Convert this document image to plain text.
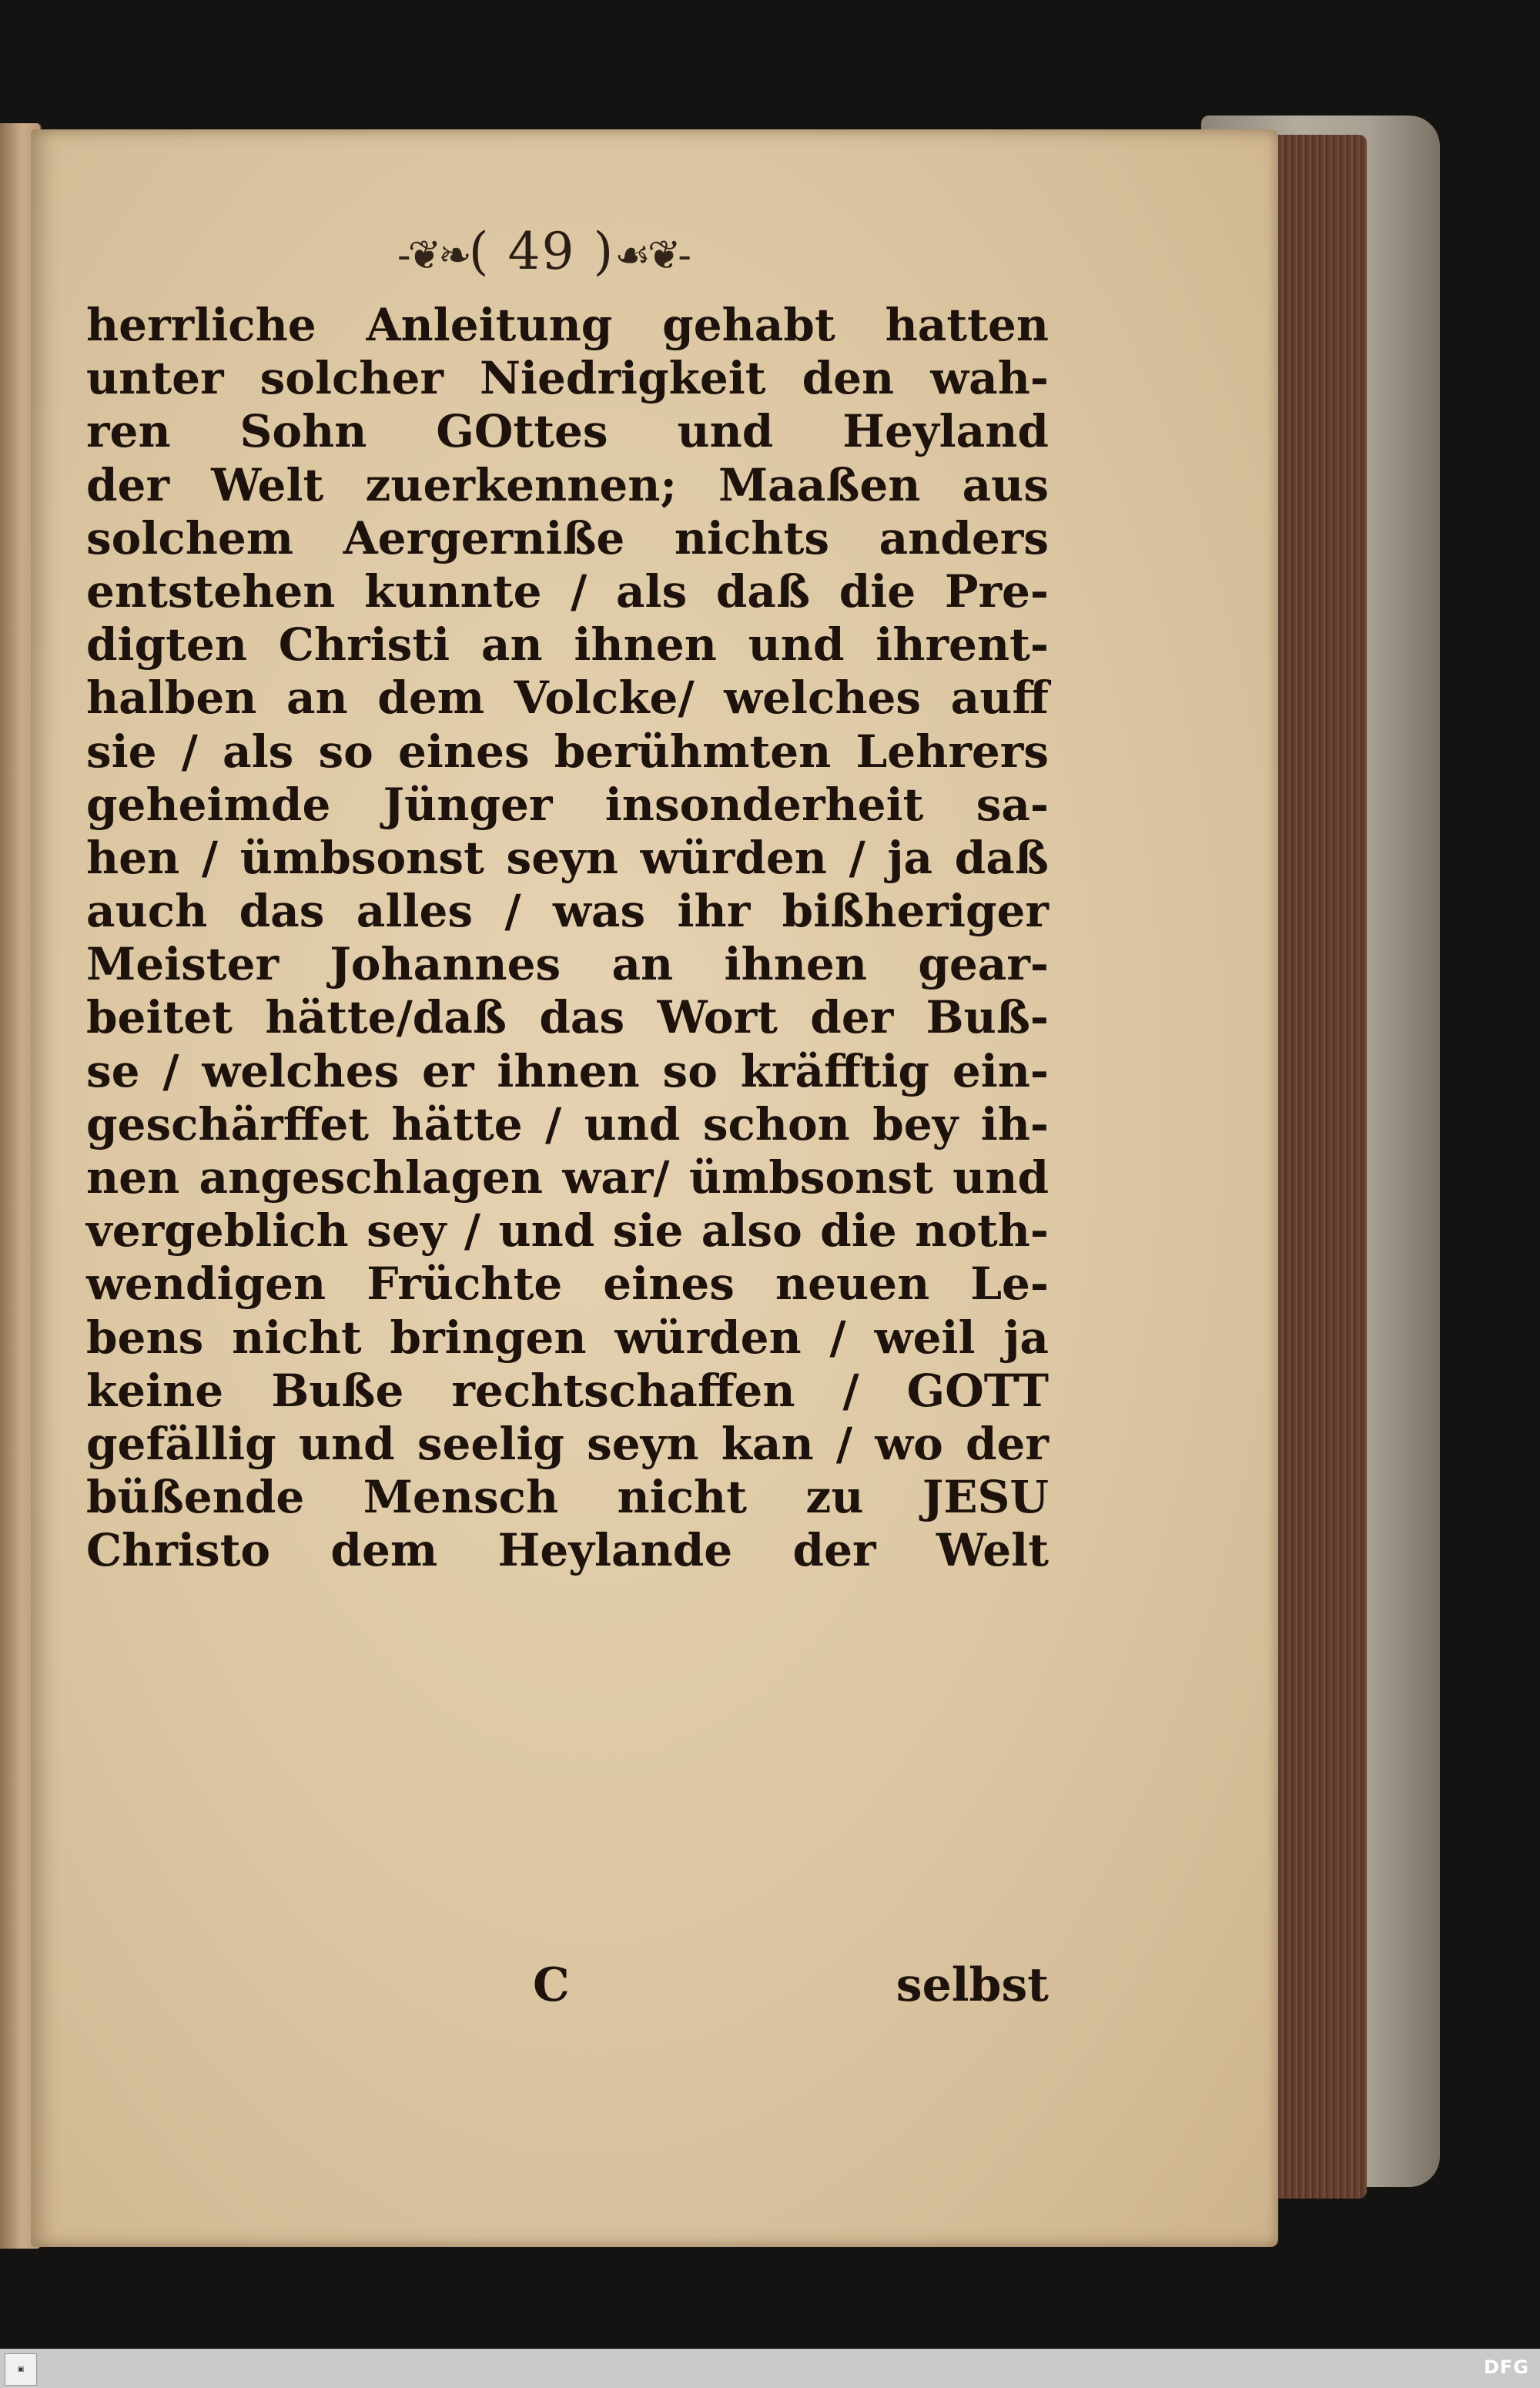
-❦❧( 49 )☙❦-
herrliche Anleitung gehabt hatten
unter solcher Niedrigkeit den wah-
ren Sohn GOttes und Heyland
der Welt zuerkennen; Maaßen aus
solchem Aergernißе nichts anders
entstehen kunnte / als daß die Pre-
digten Christi an ihnen und ihrent-
halben an dem Volcke/ welches auff
sie / als so eines berühmten Lehrers
geheimde Jünger insonderheit sa-
hen / ümbsonst seyn würden / ja daß
auch das alles / was ihr bißheriger
Meister Johannes an ihnen gear-
beitet hätte/daß das Wort der Buß-
se / welches er ihnen so kräfftig ein-
geschärffet hätte / und schon bey ih-
nen angeschlagen war/ ümbsonst und
vergeblich sey / und sie also die noth-
wendigen Früchte eines neuen Le-
bens nicht bringen würden / weil ja
keine Buße rechtschaffen / GOTT
gefällig und seelig seyn kan / wo der
büßende Mensch nicht zu JESU
Christo dem Heylande der Welt
C	selbst
▣	DFG
